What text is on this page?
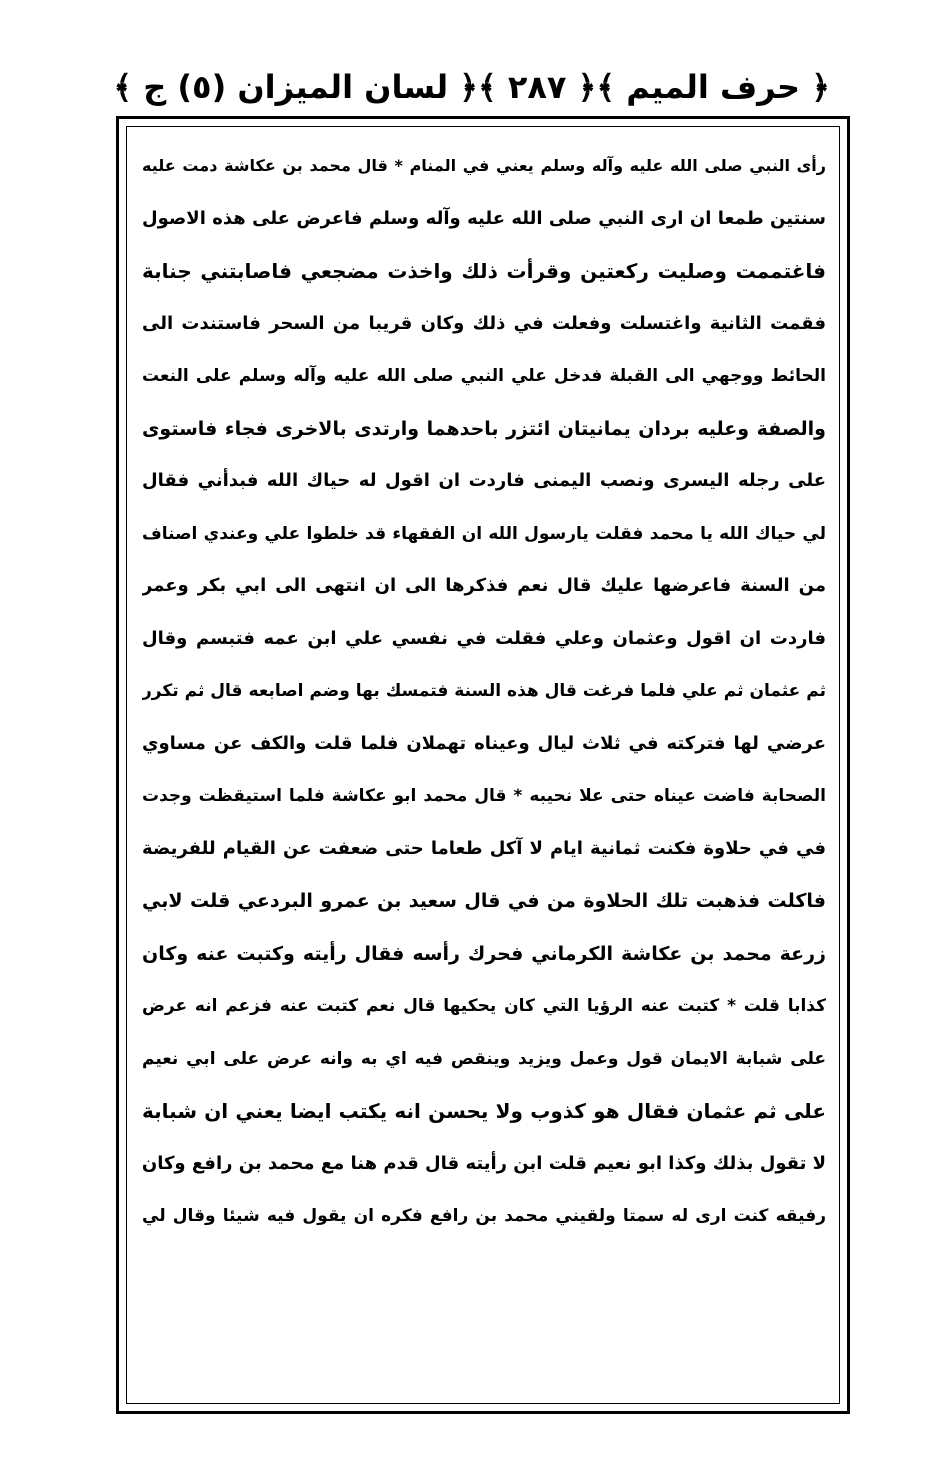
﴿ حرف الميم ﴾
﴿ ٢٨٧ ﴾
﴿ لسان الميزان (٥) ج ﴾
رأى النبي صلى الله عليه وآله وسلم يعني في المنام * قال محمد بن عكاشة دمت عليه
سنتين طمعا ان ارى النبي صلى الله عليه وآله وسلم فاعرض على هذه الاصول
فاغتممت وصليت ركعتين وقرأت ذلك واخذت مضجعي فاصابتني جنابة
فقمت الثانية واغتسلت وفعلت في ذلك وكان قريبا من السحر فاستندت الى
الحائط ووجهي الى القبلة فدخل علي النبي صلى الله عليه وآله وسلم على النعت
والصفة وعليه بردان يمانيتان ائتزر باحدهما وارتدى بالاخرى فجاء فاستوى
على رجله اليسرى ونصب اليمنى فاردت ان اقول له حياك الله فبدأني فقال
لي حياك الله يا محمد فقلت يارسول الله ان الفقهاء قد خلطوا علي وعندي اصناف
من السنة فاعرضها عليك قال نعم فذكرها الى ان انتهى الى ابي بكر وعمر
فاردت ان اقول وعثمان وعلي فقلت في نفسي علي ابن عمه فتبسم وقال
ثم عثمان ثم علي فلما فرغت قال هذه السنة فتمسك بها وضم اصابعه قال ثم تكرر
عرضي لها فتركته في ثلاث ليال وعيناه تهملان فلما قلت والكف عن مساوي
الصحابة فاضت عيناه حتى علا نحيبه * قال محمد ابو عكاشة فلما استيقظت وجدت
في في حلاوة فكنت ثمانية ايام لا آكل طعاما حتى ضعفت عن القيام للفريضة
فاكلت فذهبت تلك الحلاوة من في قال سعيد بن عمرو البردعي قلت لابي
زرعة محمد بن عكاشة الكرماني فحرك رأسه فقال رأيته وكتبت عنه وكان
كذابا قلت * كتبت عنه الرؤيا التي كان يحكيها قال نعم كتبت عنه فزعم انه عرض
على شبابة الايمان قول وعمل ويزيد وينقص فيه اي به وانه عرض على ابي نعيم
على ثم عثمان فقال هو كذوب ولا يحسن انه يكتب ايضا يعني ان شبابة
لا تقول بذلك وكذا ابو نعيم قلت ابن رأيته قال قدم هنا مع محمد بن رافع وكان
رفيقه كنت ارى له سمتا ولقيني محمد بن رافع فكره ان يقول فيه شيئا وقال لي
